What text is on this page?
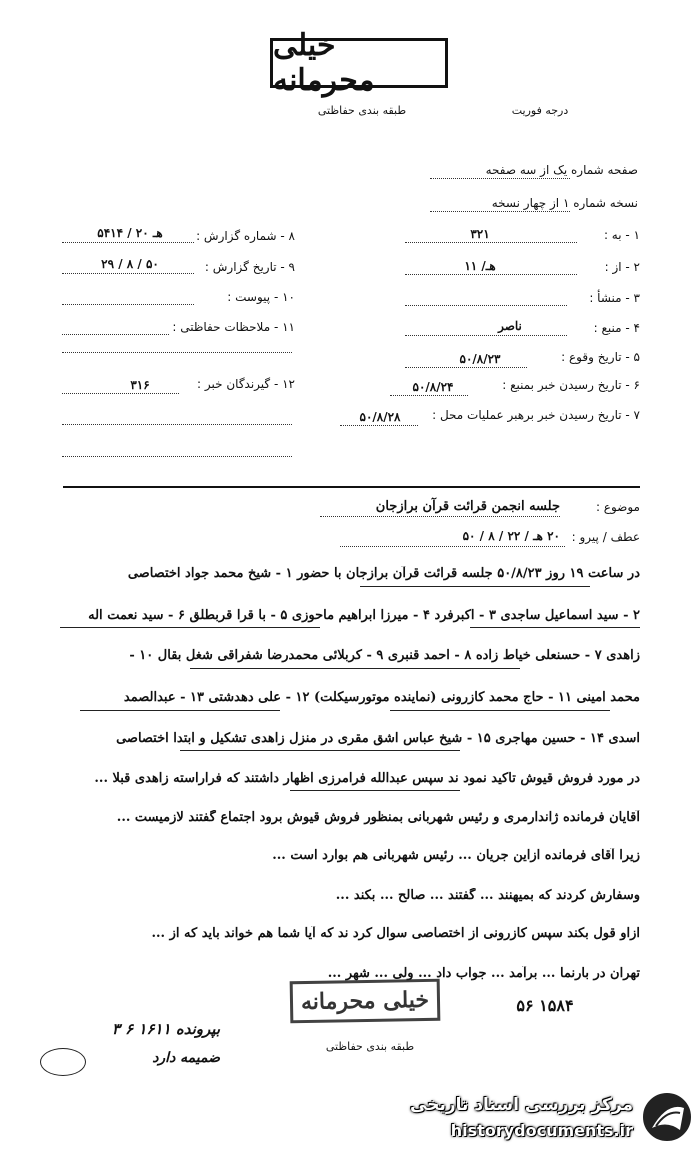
خیلی محرمانه
طبقه بندی حفاظتی	درجه فوریت
صفحه شماره یک از سه صفحه
نسخه شماره ۱ از چهار نسخه
۱ - به :
۳۲۱
۲ - از :
۱۱ /هـ
۳ - منشأ :
۴ - منبع :
ناصر
۵ - تاریخ وقوع :
۵۰/۸/۲۳
۶ - تاریخ رسیدن خبر بمنبع :
۵۰/۸/۲۴
۷ - تاریخ رسیدن خبر برهبر عملیات محل :
۵۰/۸/۲۸
۸ - شماره گزارش :
۵۴۱۴ / ۲۰ هـ
۹ - تاریخ گزارش :
۲۹ / ۸ / ۵۰
۱۰ - پیوست :
۱۱ - ملاحظات حفاظتی :
۱۲ - گیرندگان خبر :
۳۱۶
موضوع :
جلسه انجمن قرائت قرآن برازجان
عطف / پیرو :
۲۰ هـ / ۲۲ / ۸ / ۵۰
در ساعت ۱۹ روز ۵۰/۸/۲۳ جلسه قرائت قرآن برازجان با حضور ۱ - شیخ محمد جواد اختصاصی
۲ - سید اسماعیل ساجدی ۳ - اکبرفرد ۴ - میرزا ابراهیم ماحوزی ۵ - با قرا قربطلق ۶ - سید نعمت اله
زاهدی ۷ - حسنعلی خیاط زاده ۸ - احمد قنبری ۹ - کربلائی محمدرضا شفراقی شغل بقال ۱۰ -
محمد امینی ۱۱ - حاج محمد کازرونی (نماینده موتورسیکلت) ۱۲ - علی دهدشتی ۱۳ - عبدالصمد
اسدی ۱۴ - حسین مهاجری ۱۵ - شیخ عباس اشق مقری در منزل زاهدی تشکیل و ابتدا اختصاصی
در مورد فروش قیوش تاکید نمود ند سپس عبدالله فرامرزی اظهار داشتند که فراراسته زاهدی قبلا ...
آقایان فرمانده ژاندارمری و رئیس شهربانی بمنظور فروش قیوش برود اجتماع گفتند لازمیست ...
زیرا آقای فرمانده ازاین جریان ... رئیس شهربانی هم بوارد است ...
وسفارش کردند که بمیهنند ... گفتند ... صالح ... بکند ...
ازاو قول بکند سپس کازرونی از اختصاصی سوال کرد ند که آیا شما هم خواند باید که از ...
تهران در بارنما ... برآمد ... جواب داد ... ولی ... شهر ...
خیلی محرمانه	۵۶ ۱۵۸۴
طبقه بندی حفاظتی
بپرونده ۱۶۱۱ ۶ ۳
ضمیمه دارد
مرکز بررسی اسناد تاریخی
historydocuments.ir
